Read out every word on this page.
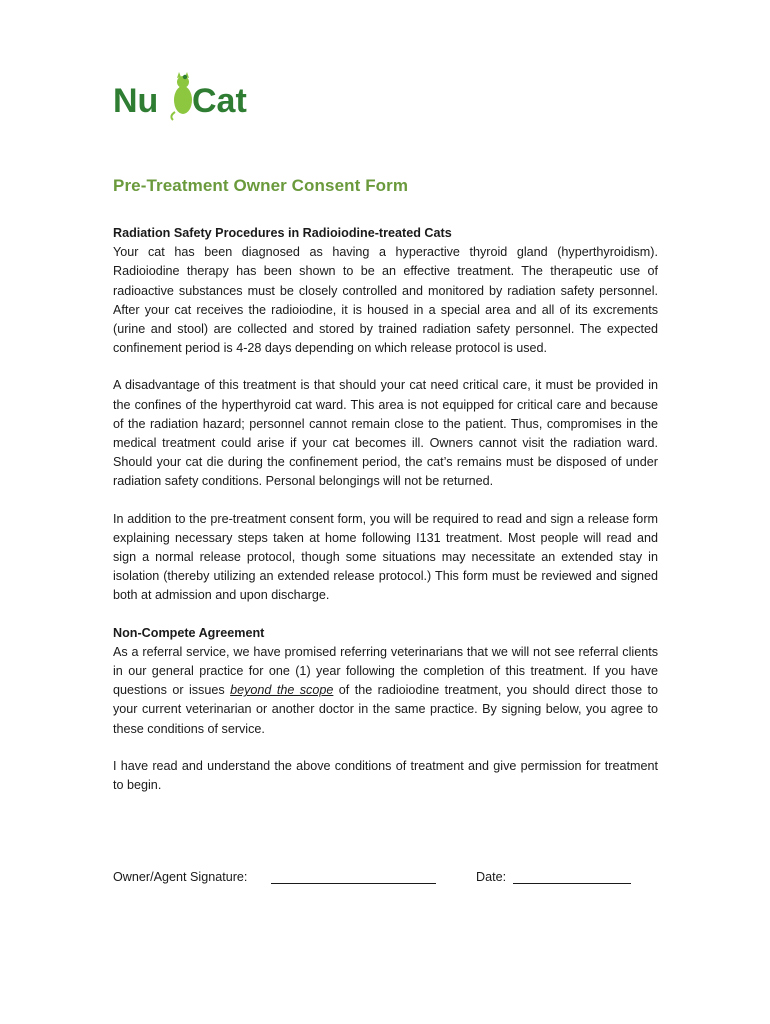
Nu Cat
Pre-Treatment Owner Consent Form
Radiation Safety Procedures in Radioiodine-treated Cats

Your cat has been diagnosed as having a hyperactive thyroid gland (hyperthyroidism). Radioiodine therapy has been shown to be an effective treatment. The therapeutic use of radioactive substances must be closely controlled and monitored by radiation safety personnel. After your cat receives the radioiodine, it is housed in a special area and all of its excrements (urine and stool) are collected and stored by trained radiation safety personnel. The expected confinement period is 4-28 days depending on which release protocol is used.

A disadvantage of this treatment is that should your cat need critical care, it must be provided in the confines of the hyperthyroid cat ward. This area is not equipped for critical care and because of the radiation hazard; personnel cannot remain close to the patient. Thus, compromises in the medical treatment could arise if your cat becomes ill. Owners cannot visit the radiation ward. Should your cat die during the confinement period, the cat’s remains must be disposed of under radiation safety conditions. Personal belongings will not be returned.

In addition to the pre-treatment consent form, you will be required to read and sign a release form explaining necessary steps taken at home following I131 treatment. Most people will read and sign a normal release protocol, though some situations may necessitate an extended stay in isolation (thereby utilizing an extended release protocol.) This form must be reviewed and signed both at admission and upon discharge.

Non-Compete Agreement

As a referral service, we have promised referring veterinarians that we will not see referral clients in our general practice for one (1) year following the completion of this treatment. If you have questions or issues beyond the scope of the radioiodine treatment, you should direct those to your current veterinarian or another doctor in the same practice. By signing below, you agree to these conditions of service.

I have read and understand the above conditions of treatment and give permission for treatment to begin.

Owner/Agent Signature:	Date:
